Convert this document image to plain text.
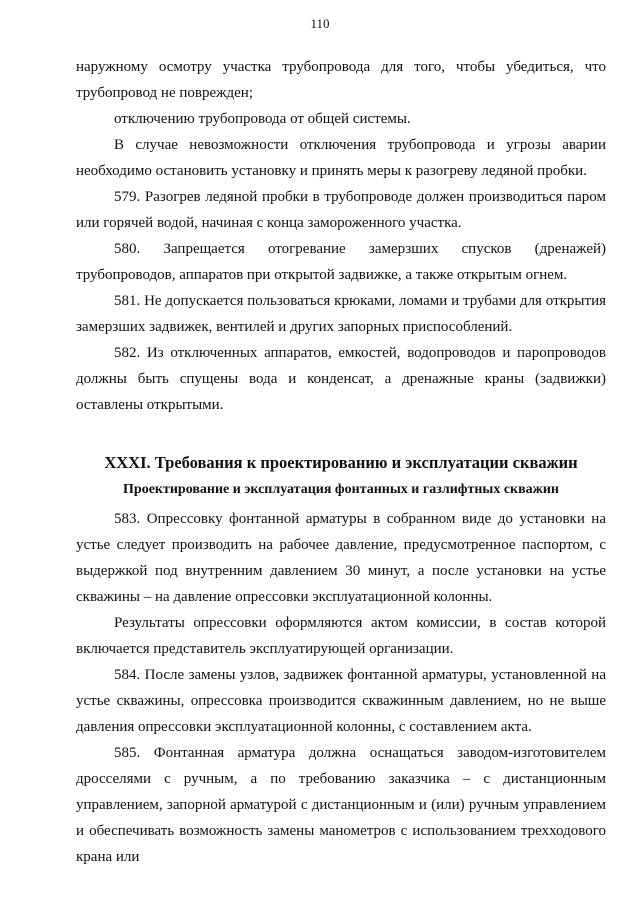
110

наружному осмотру участка трубопровода для того, чтобы убедиться, что трубопровод не поврежден;

отключению трубопровода от общей системы.

В случае невозможности отключения трубопровода и угрозы аварии необходимо остановить установку и принять меры к разогреву ледяной пробки.

579. Разогрев ледяной пробки в трубопроводе должен производиться паром или горячей водой, начиная с конца замороженного участка.

580. Запрещается отогревание замерзших спусков (дренажей) трубопроводов, аппаратов при открытой задвижке, а также открытым огнем.

581. Не допускается пользоваться крюками, ломами и трубами для открытия замерзших задвижек, вентилей и других запорных приспособлений.

582. Из отключенных аппаратов, емкостей, водопроводов и паропроводов должны быть спущены вода и конденсат, а дренажные краны (задвижки) оставлены открытыми.

XXXI. Требования к проектированию и эксплуатации скважин
Проектирование и эксплуатация фонтанных и газлифтных скважин

583. Опрессовку фонтанной арматуры в собранном виде до установки на устье следует производить на рабочее давление, предусмотренное паспортом, с выдержкой под внутренним давлением 30 минут, а после установки на устье скважины – на давление опрессовки эксплуатационной колонны.

Результаты опрессовки оформляются актом комиссии, в состав которой включается представитель эксплуатирующей организации.

584. После замены узлов, задвижек фонтанной арматуры, установленной на устье скважины, опрессовка производится скважинным давлением, но не выше давления опрессовки эксплуатационной колонны, с составлением акта.

585. Фонтанная арматура должна оснащаться заводом-изготовителем дросселями с ручным, а по требованию заказчика – с дистанционным управлением, запорной арматурой с дистанционным и (или) ручным управлением и обеспечивать возможность замены манометров с использованием трехходового крана или
